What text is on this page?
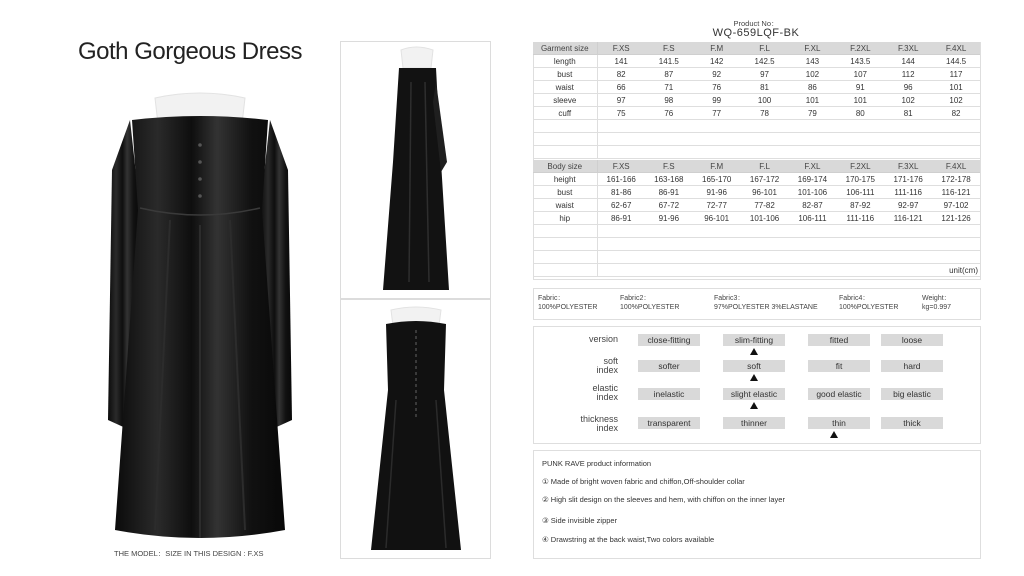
Goth Gorgeous Dress
THE MODEL：SIZE IN THIS DESIGN : F.XS
Product No：
WQ-659LQF-BK
Garment size	F.XS	F.S	F.M	F.L	F.XL	F.2XL	F.3XL	F.4XL
length	141	141.5	142	142.5	143	143.5	144	144.5
bust	82	87	92	97	102	107	112	117
waist	66	71	76	81	86	91	96	101
sleeve	97	98	99	100	101	101	102	102
cuff	75	76	77	78	79	80	81	82

Body size	F.XS	F.S	F.M	F.L	F.XL	F.2XL	F.3XL	F.4XL
height	161-166	163-168	165-170	167-172	169-174	170-175	171-176	172-178
bust	81-86	86-91	91-96	96-101	101-106	106-111	111-116	116-121
waist	62-67	67-72	72-77	77-82	82-87	87-92	92-97	97-102
hip	86-91	91-96	96-101	101-106	106-111	111-116	116-121	121-126

	unit(cm)							
Fabric：
100%POLYESTER
Fabric2：
100%POLYESTER
Fabric3：
97%POLYESTER 3%ELASTANE
Fabric4：
100%POLYESTER
Weight：
kg=0.997
version	close-fitting	slim-fitting	fitted	loose
soft
index	softer	soft	fit	hard
elastic
index	inelastic	slight elastic	good elastic	big elastic
thickness
index	transparent	thinner	thin	thick
PUNK RAVE product information
① Made of bright woven fabric and chiffon,Off-shoulder collar
② High slit design on the sleeves and hem, with chiffon on the inner layer
③ Side invisible zipper
④ Drawstring at the back waist,Two colors available
